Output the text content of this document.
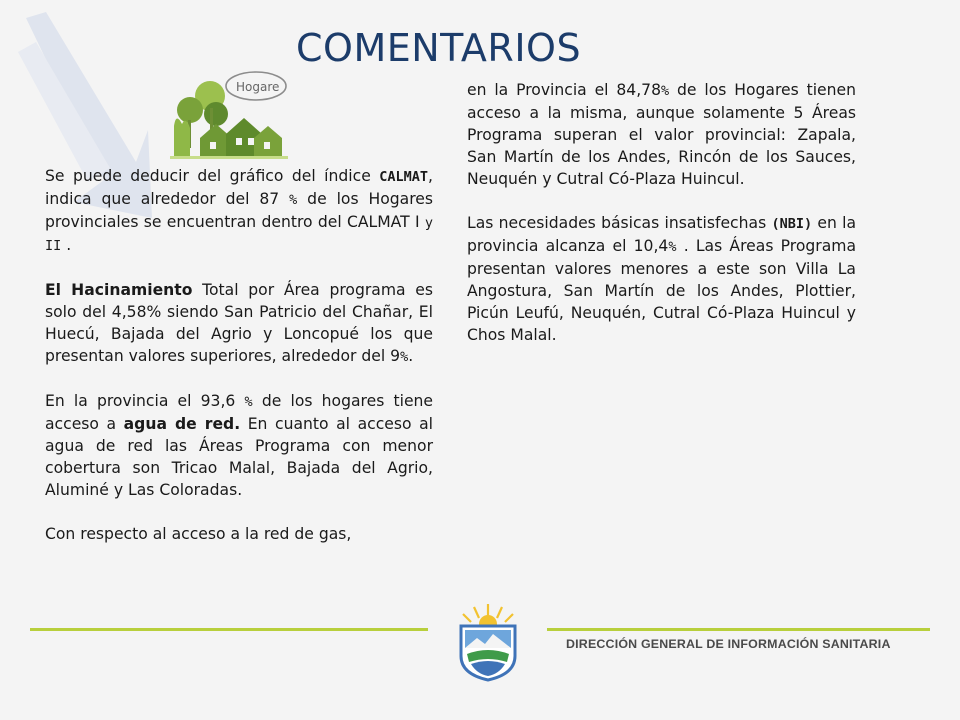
COMENTARIOS
Hogare

Se puede deducir del gráfico del índice CALMAT, indica que alrededor del 87 % de los Hogares provinciales se encuentran dentro del CALMAT I y II .

El Hacinamiento Total por Área programa es solo del 4,58% siendo San Patricio del Chañar, El Huecú, Bajada del Agrio y Loncopué los que presentan valores superiores, alrededor del 9%.

En la provincia el 93,6 % de los hogares tiene acceso a agua de red. En cuanto al acceso al agua de red las Áreas Programa con menor cobertura son Tricao Malal, Bajada del Agrio, Aluminé y Las Coloradas.

Con respecto al acceso a la red de gas,

en la Provincia el 84,78% de los Hogares tienen acceso a la misma, aunque solamente 5 Áreas Programa superan el valor provincial: Zapala, San Martín de los Andes, Rincón de los Sauces, Neuquén y Cutral Có-Plaza Huincul.

Las necesidades básicas insatisfechas (NBI) en la provincia alcanza el 10,4% . Las Áreas Programa presentan valores menores a este son Villa La Angostura, San Martín de los Andes, Plottier, Picún Leufú, Neuquén, Cutral Có-Plaza Huincul y Chos Malal.

DIRECCIÓN GENERAL DE INFORMACIÓN SANITARIA
